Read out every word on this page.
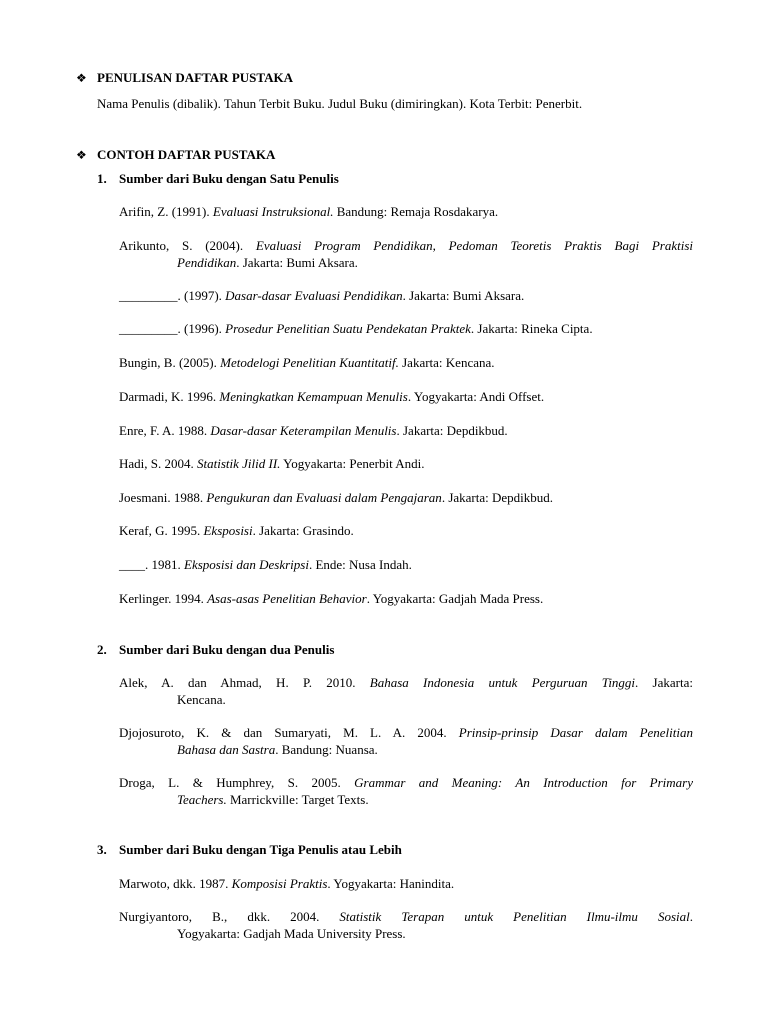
❖ PENULISAN DAFTAR PUSTAKA
Nama Penulis (dibalik). Tahun Terbit Buku. Judul Buku (dimiringkan). Kota Terbit: Penerbit.
❖ CONTOH DAFTAR PUSTAKA
1. Sumber dari Buku dengan Satu Penulis
Arifin, Z. (1991). Evaluasi Instruksional. Bandung: Remaja Rosdakarya.
Arikunto, S. (2004). Evaluasi Program Pendidikan, Pedoman Teoretis Praktis Bagi Praktisi
Pendidikan. Jakarta: Bumi Aksara.
_________. (1997). Dasar-dasar Evaluasi Pendidikan. Jakarta: Bumi Aksara.
_________. (1996). Prosedur Penelitian Suatu Pendekatan Praktek. Jakarta: Rineka Cipta.
Bungin, B. (2005). Metodelogi Penelitian Kuantitatif. Jakarta: Kencana.
Darmadi, K. 1996. Meningkatkan Kemampuan Menulis. Yogyakarta: Andi Offset.
Enre, F. A. 1988. Dasar-dasar Keterampilan Menulis. Jakarta: Depdikbud.
Hadi, S. 2004. Statistik Jilid II. Yogyakarta: Penerbit Andi.
Joesmani. 1988. Pengukuran dan Evaluasi dalam Pengajaran. Jakarta: Depdikbud.
Keraf, G. 1995. Eksposisi. Jakarta: Grasindo.
____. 1981. Eksposisi dan Deskripsi. Ende: Nusa Indah.
Kerlinger. 1994. Asas-asas Penelitian Behavior. Yogyakarta: Gadjah Mada Press.
2. Sumber dari Buku dengan dua Penulis
Alek, A. dan Ahmad, H. P. 2010. Bahasa Indonesia untuk Perguruan Tinggi. Jakarta:
Kencana.
Djojosuroto, K. & dan Sumaryati, M. L. A. 2004. Prinsip-prinsip Dasar dalam Penelitian
Bahasa dan Sastra. Bandung: Nuansa.
Droga, L. & Humphrey, S. 2005. Grammar and Meaning: An Introduction for Primary
Teachers. Marrickville: Target Texts.
3. Sumber dari Buku dengan Tiga Penulis atau Lebih
Marwoto, dkk. 1987. Komposisi Praktis. Yogyakarta: Hanindita.
Nurgiyantoro, B., dkk. 2004. Statistik Terapan untuk Penelitian Ilmu-ilmu Sosial.
Yogyakarta: Gadjah Mada University Press.
